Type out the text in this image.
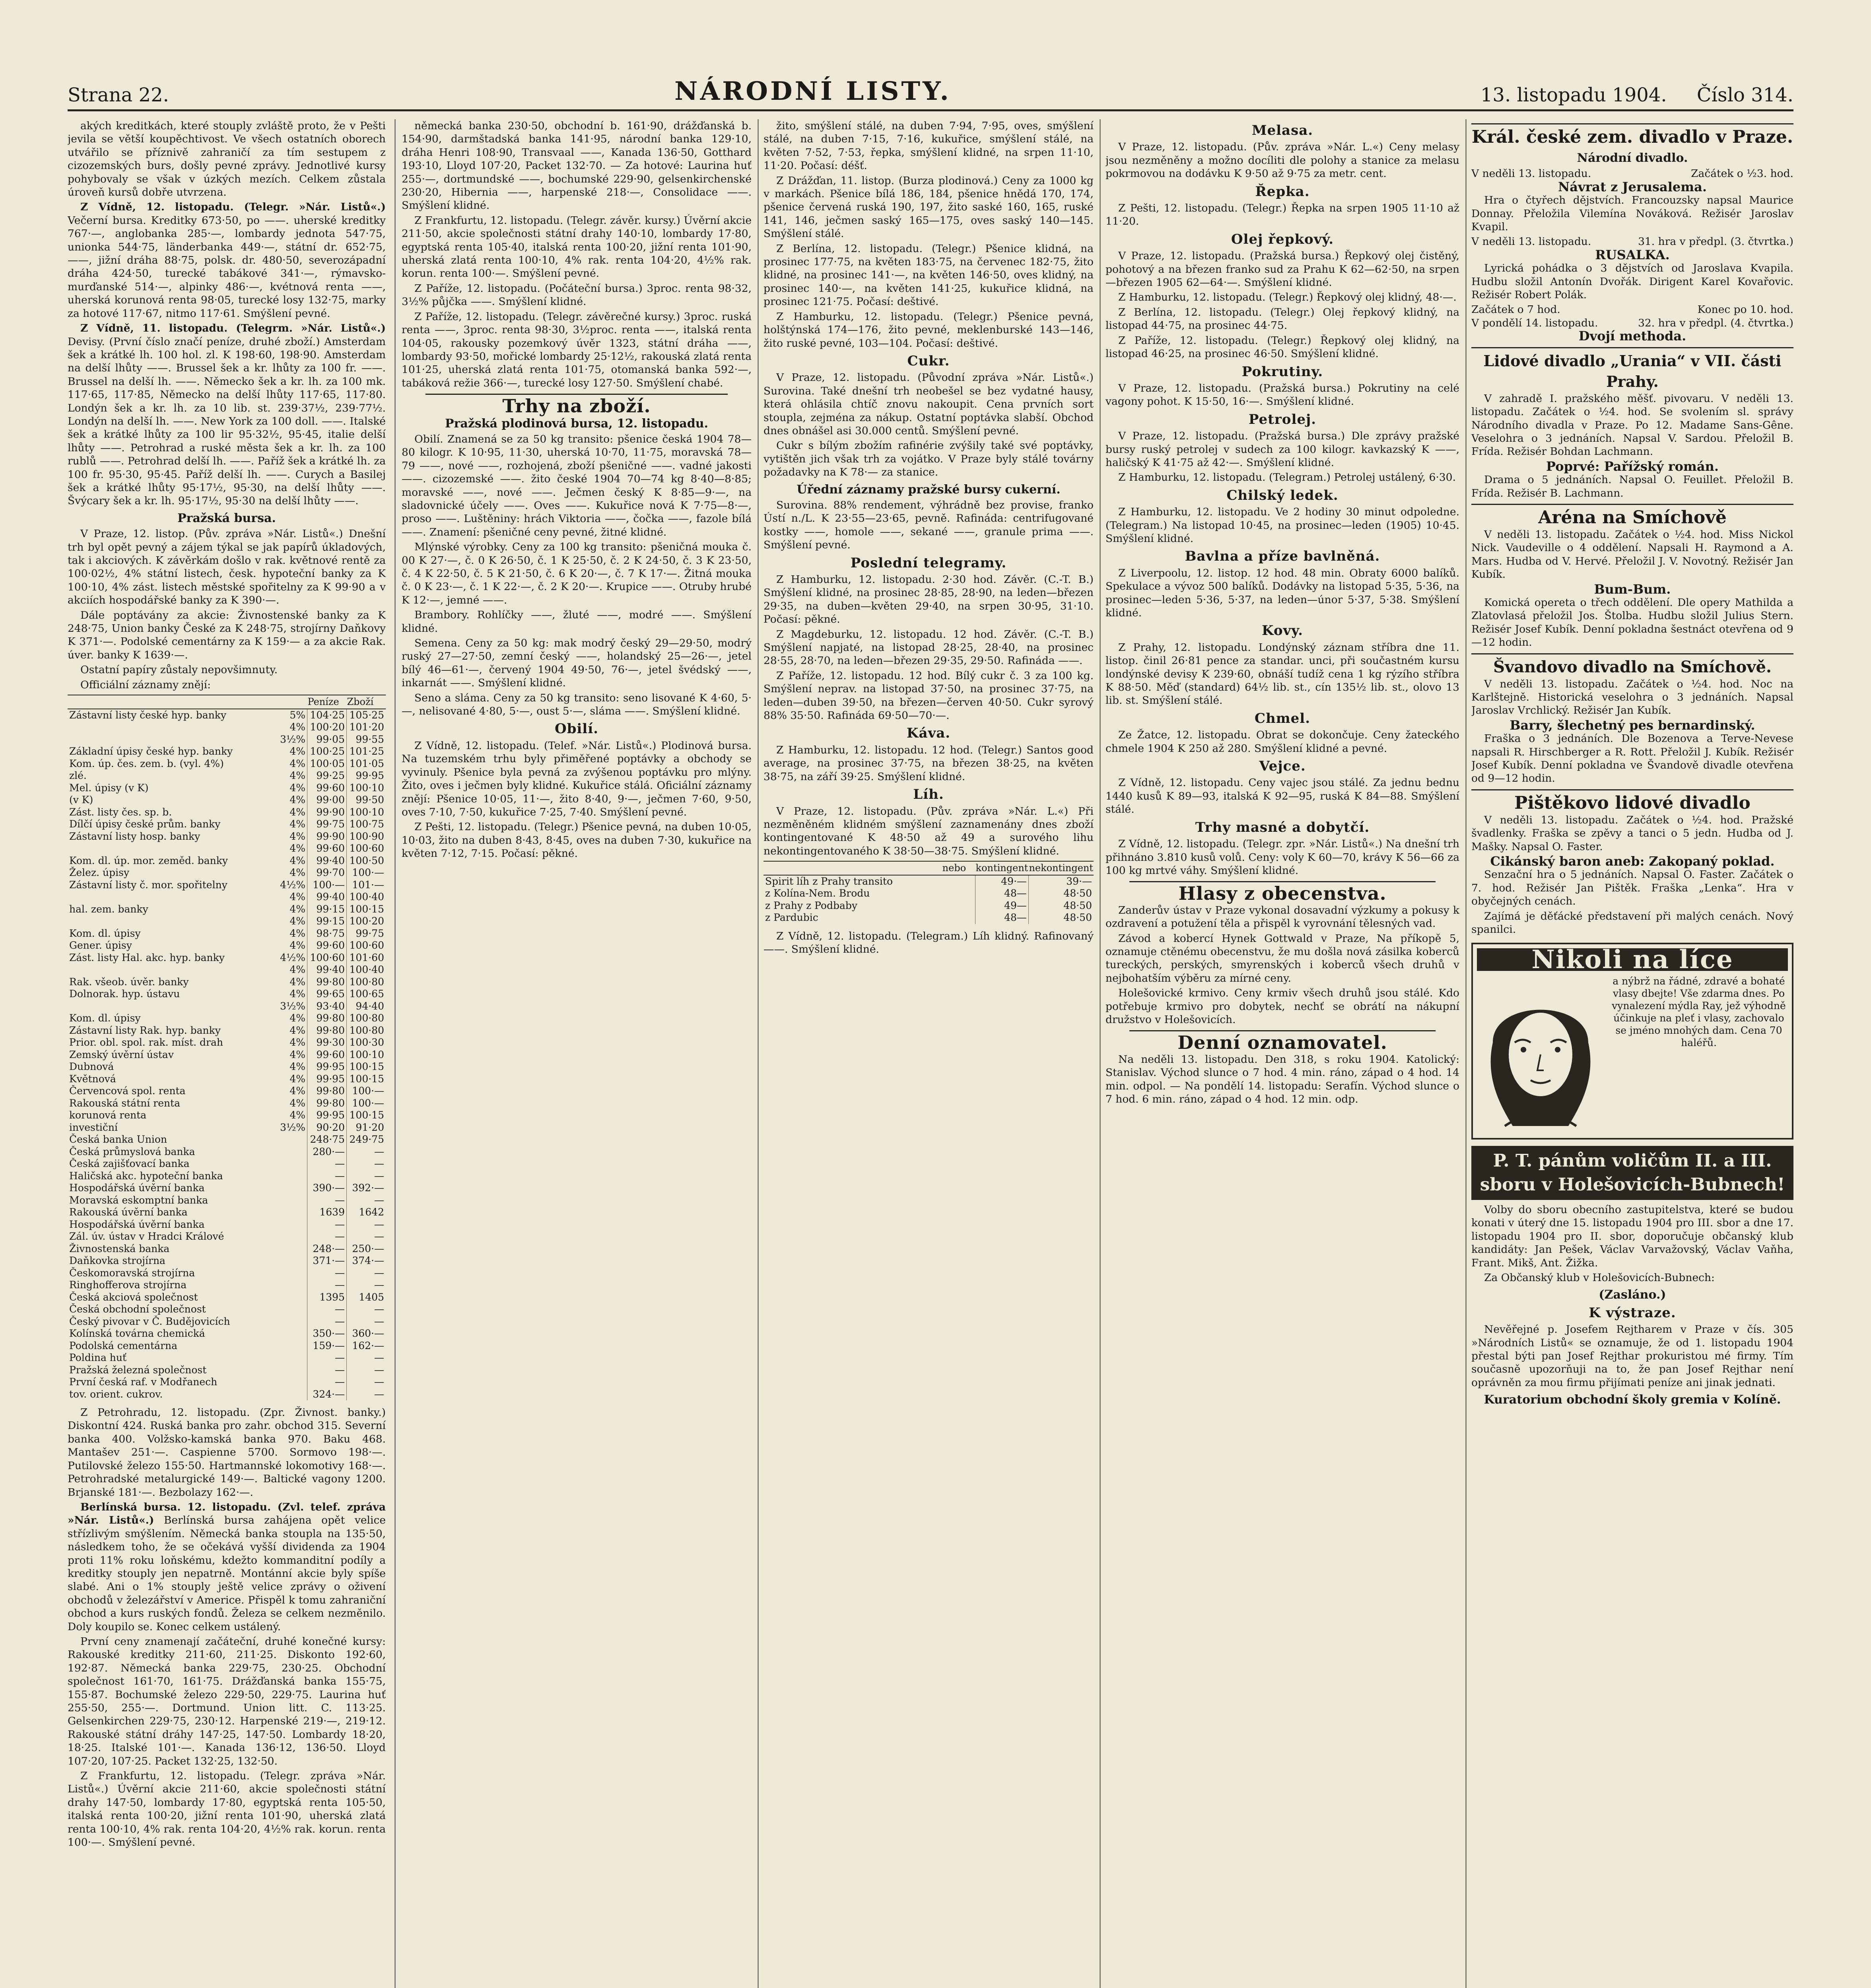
Strana 22.	NÁRODNÍ LISTY.	13. listopadu 1904. Číslo 314.

akých kreditkách, které stouply zvláště proto, že v Pešti jevila se větší koupěchtivost. Ve všech ostatních oborech utvářilo se příznivě zahraničí za tím sestupem z cizozemských burs, došly pevné zprávy. Jednotlivé kursy pohybovaly se však v úzkých mezích. Celkem zůstala úroveň kursů dobře utvrzena.

Z Vídně, 12. listopadu. (Telegr. »Nár. Listů«.) Večerní bursa. Kreditky 673·50, po ——. uherské kreditky 767·—, anglobanka 285·—, lombardy jednota 547·75, unionka 544·75, länderbanka 449·—, státní dr. 652·75, ——, jižní dráha 88·75, polsk. dr. 480·50, severozápadní dráha 424·50, turecké tabákové 341·—, rýmavsko-murďanské 514·—, alpinky 486·—, kvétnová renta ——, uherská korunová renta 98·05, turecké losy 132·75, marky za hotové 117·67, nitmo 117·61. Smýšlení pevné.

Z Vídně, 11. listopadu. (Telegrm. »Nár. Listů«.) Devisy. (První číslo značí peníze, druhé zboží.) Amsterdam šek a krátké lh. 100 hol. zl. K 198·60, 198·90. Amsterdam na delší lhůty ——. Brussel šek a kr. lhůty za 100 fr. ——. Brussel na delší lh. ——. Německo šek a kr. lh. za 100 mk. 117·65, 117·85, Německo na delší lhůty 117·65, 117·80. Londýn šek a kr. lh. za 10 lib. st. 239·37½, 239·77½. Londýn na delší lh. ——. New York za 100 doll. ——. Italské šek a krátké lhůty za 100 lir 95·32½, 95·45, italie delší lhůty ——. Petrohrad a ruské města šek a kr. lh. za 100 rublů ——. Petrohrad delší lh. ——. Paříž šek a krátké lh. za 100 fr. 95·30, 95·45. Paříž delší lh. ——. Curych a Basilej šek a krátké lhůty 95·17½, 95·30, na delší lhůty ——. Švýcary šek a kr. lh. 95·17½, 95·30 na delší lhůty ——.

Pražská bursa.

V Praze, 12. listop. (Pův. zpráva »Nár. Listů«.) Dnešní trh byl opět pevný a zájem týkal se jak papírů úkladových, tak i akciových. K závěrkám došlo v rak. květnové rentě za 100·02½, 4% státní listech, česk. hypoteční banky za K 100·10, 4% zást. listech městské spořitelny za K 99·90 a v akciích hospodářské banky za K 390·—.

Dále poptávány za akcie: Živnostenské banky za K 248·75, Union banky České za K 248·75, strojírny Daňkovy K 371·—. Podolské cementárny za K 159·— a za akcie Rak. úver. banky K 1639·—.

Ostatní papíry zůstaly nepovšimnuty.

Officiální záznamy znějí:

		Peníze	Zboží
Zástavní listy české hyp. banky	5%	104·25	105·25
	4%	100·20	101·20
	3½%	99·05	99·55
Základní úpisy české hyp. banky	4%	100·25	101·25
Kom. úp. čes. zem. b. (vyl. 4%)	4%	100·05	101·05
zlé.	4%	99·25	99·95
Mel. úpisy (v K)	4%	99·60	100·10
(v K)	4%	99·00	99·50
Zást. listy čes. sp. b.	4%	99·90	100·10
Dílčí úpisy české prům. banky	4%	99·75	100·75
Zástavní listy hosp. banky	4%	99·90	100·90
	4%	99·60	100·60
Kom. dl. úp. mor. zeměd. banky	4%	99·40	100·50
Želez. úpisy	4%	99·70	100·—
Zástavní listy č. mor. spořitelny	4½%	100·—	101·—
	4%	99·40	100·40
hal. zem. banky	4%	99·15	100·15
	4%	99·15	100·20
Kom. dl. úpisy	4%	98·75	99·75
Gener. úpisy	4%	99·60	100·60
Zást. listy Hal. akc. hyp. banky	4½%	100·60	101·60
	4%	99·40	100·40
Rak. všeob. úvěr. banky	4%	99·80	100·80
Dolnorak. hyp. ústavu	4%	99·65	100·65
	3½%	93·40	94·40
Kom. dl. úpisy	4%	99·80	100·80
Zástavní listy Rak. hyp. banky	4%	99·80	100·80
Prior. obl. spol. rak. míst. drah	4%	99·30	100·30
Zemský úvěrní ústav	4%	99·60	100·10
Dubnová	4%	99·95	100·15
Květnová	4%	99·95	100·15
Červencová spol. renta	4%	99·80	100·—
Rakouská státní renta	4%	99·80	100·—
korunová renta	4%	99·95	100·15
investiční	3½%	90·20	91·20
Česká banka Union		248·75	249·75
Česká průmyslová banka		280·—	—
Česká zajišťovací banka		—	—
Haličská akc. hypoteční banka		—	—
Hospodářská úvěrní banka		390·—	392·—
Moravská eskomptní banka		—	—
Rakouská úvěrní banka		1639	1642
Hospodářská úvěrní banka		—	—
Zál. úv. ústav v Hradci Králové		—	—
Živnostenská banka		248·—	250·—
Daňkovka strojírna		371·—	374·—
Českomoravská strojírna		—	—
Ringhofferova strojírna		—	—
Česká akciová společnost		1395	1405
Česká obchodní společnost		—	—
Český pivovar v Č. Budějovicích		—	—
Kolínská továrna chemická		350·—	360·—
Podolská cementárna		159·—	162·—
Poldina huť		—	—
Pražská železná společnost		—	—
První česká raf. v Modřanech		—	—
tov. orient. cukrov.		324·—	—

Z Petrohradu, 12. listopadu. (Zpr. Živnost. banky.) Diskontní 424. Ruská banka pro zahr. obchod 315. Severní banka 400. Volžsko-kamská banka 970. Baku 468. Mantašev 251·—. Caspienne 5700. Sormovo 198·—. Putilovské železo 155·50. Hartmannské lokomotivy 168·—. Petrohradské metalurgické 149·—. Baltické vagony 1200. Brjanské 181·—. Bezbolazy 162·—.

Berlínská bursa. 12. listopadu. (Zvl. telef. zpráva »Nár. Listů«.) Berlínská bursa zahájena opět velice střízlivým smýšlením. Německá banka stoupla na 135·50, následkem toho, že se očekává vyšší dividenda za 1904 proti 11% roku loňskému, kdežto kommanditní podíly a kreditky stouply jen nepatrně. Montánní akcie byly spíše slabé. Ani o 1% stouply ještě velice zprávy o oživení obchodů v železářství v Americe. Přispěl k tomu zahraniční obchod a kurs ruských fondů. Železa se celkem nezměnilo. Doly koupilo se. Konec celkem ustálený.

První ceny znamenají začáteční, druhé konečné kursy: Rakouské kreditky 211·60, 211·25. Diskonto 192·60, 192·87. Německá banka 229·75, 230·25. Obchodní společnost 161·70, 161·75. Drážďanská banka 155·75, 155·87. Bochumské železo 229·50, 229·75. Laurina huť 255·50, 255·—. Dortmund. Union litt. C. 113·25. Gelsenkirchen 229·75, 230·12. Harpenské 219·—, 219·12. Rakouské státní dráhy 147·25, 147·50. Lombardy 18·20, 18·25. Italské 101·—. Kanada 136·12, 136·50. Lloyd 107·20, 107·25. Packet 132·25, 132·50.

Z Frankfurtu, 12. listopadu. (Telegr. zpráva »Nár. Listů«.) Úvěrní akcie 211·60, akcie společnosti státní drahy 147·50, lombardy 17·80, egyptská renta 105·50, italská renta 100·20, jižní renta 101·90, uherská zlatá renta 100·10, 4% rak. renta 104·20, 4½% rak. korun. renta 100·—. Smýšlení pevné.

německá banka 230·50, obchodní b. 161·90, drážďanská b. 154·90, darmštadská banka 141·95, národní banka 129·10, dráha Henri 108·90, Transvaal ——, Kanada 136·50, Gotthard 193·10, Lloyd 107·20, Packet 132·70. — Za hotové: Laurina huť 255·—, dortmundské ——, bochumské 229·90, gelsenkirchenské 230·20, Hibernia ——, harpenské 218·—, Consolidace ——. Smýšlení klidné.

Z Frankfurtu, 12. listopadu. (Telegr. závěr. kursy.) Úvěrní akcie 211·50, akcie společnosti státní drahy 140·10, lombardy 17·80, egyptská renta 105·40, italská renta 100·20, jižní renta 101·90, uherská zlatá renta 100·10, 4% rak. renta 104·20, 4½% rak. korun. renta 100·—. Smýšlení pevné.

Z Paříže, 12. listopadu. (Počáteční bursa.) 3proc. renta 98·32, 3½% půjčka ——. Smýšlení klidné.

Z Paříže, 12. listopadu. (Telegr. závěrečné kursy.) 3proc. ruská renta ——, 3proc. renta 98·30, 3½proc. renta ——, italská renta 104·05, rakousky pozemkový úvěr 1323, státní dráha ——, lombardy 93·50, mořické lombardy 25·12½, rakouská zlatá renta 101·25, uherská zlatá renta 101·75, otomanská banka 592·—, tabáková režie 366·—, turecké losy 127·50. Smýšlení chabé.

Trhy na zboží.
Pražská plodinová bursa, 12. listopadu.

Obilí. Znamená se za 50 kg transito: pšenice česká 1904 78—80 kilogr. K 10·95, 11·30, uherská 10·70, 11·75, moravská 78—79 ——, nové ——, rozhojená, zboží pšeničné ——. vadné jakosti ——. cizozemské ——. žito české 1904 70—74 kg 8·40—8·85; moravské ——, nové ——. Ječmen český K 8·85—9·—, na sladovnické účely ——. Oves ——. Kukuřice nová K 7·75—8·—, proso ——. Luštěniny: hrách Viktoria ——, čočka ——, fazole bílá ——. Znamení: pšeničné ceny pevné, žitné klidné.

Mlýnské výrobky. Ceny za 100 kg transito: pšeničná mouka č. 00 K 27·—, č. 0 K 26·50, č. 1 K 25·50, č. 2 K 24·50, č. 3 K 23·50, č. 4 K 22·50, č. 5 K 21·50, č. 6 K 20·—, č. 7 K 17·—. Žitná mouka č. 0 K 23·—, č. 1 K 22·—, č. 2 K 20·—. Krupice ——. Otruby hrubé K 12·—, jemné ——.

Brambory. Rohlíčky ——, žluté ——, modré ——. Smýšlení klidné.

Semena. Ceny za 50 kg: mak modrý český 29—29·50, modrý ruský 27—27·50, zemní český ——, holandský 25—26·—, jetel bílý 46—61·—, červený 1904 49·50, 76·—, jetel švédský ——, inkarnát ——. Smýšlení klidné.

Seno a sláma. Ceny za 50 kg transito: seno lisované K 4·60, 5·—, nelisované 4·80, 5·—, oust 5·—, sláma ——. Smýšlení klidné.

Obilí.

Z Vídně, 12. listopadu. (Telef. »Nár. Listů«.) Plodinová bursa. Na tuzemském trhu byly přiměřené poptávky a obchody se vyvinuly. Pšenice byla pevná za zvýšenou poptávku pro mlýny. Žito, oves i ječmen byly klidné. Kukuřice stálá. Oficiální záznamy znějí: Pšenice 10·05, 11·—, žito 8·40, 9·—, ječmen 7·60, 9·50, oves 7·10, 7·50, kukuřice 7·25, 7·40. Smýšlení pevné.

Z Pešti, 12. listopadu. (Telegr.) Pšenice pevná, na duben 10·05, 10·03, žito na duben 8·43, 8·45, oves na duben 7·30, kukuřice na květen 7·12, 7·15. Počasí: pěkné.

žito, smýšlení stálé, na duben 7·94, 7·95, oves, smýšlení stálé, na duben 7·15, 7·16, kukuřice, smýšlení stálé, na květen 7·52, 7·53, řepka, smýšlení klidné, na srpen 11·10, 11·20. Počasí: déšť.

Z Drážďan, 11. listop. (Burza plodinová.) Ceny za 1000 kg v markách. Pšenice bílá 186, 184, pšenice hnědá 170, 174, pšenice červená ruská 190, 197, žito saské 160, 165, ruské 141, 146, ječmen saský 165—175, oves saský 140—145. Smýšlení stálé.

Z Berlína, 12. listopadu. (Telegr.) Pšenice klidná, na prosinec 177·75, na květen 183·75, na červenec 182·75, žito klidné, na prosinec 141·—, na květen 146·50, oves klidný, na prosinec 140·—, na květen 141·25, kukuřice klidná, na prosinec 121·75. Počasí: deštivé.

Z Hamburku, 12. listopadu. (Telegr.) Pšenice pevná, holštýnská 174—176, žito pevné, meklenburské 143—146, žito ruské pevné, 103—104. Počasí: deštivé.

Cukr.

V Praze, 12. listopadu. (Původní zpráva »Nár. Listů«.) Surovina. Také dnešní trh neobešel se bez vydatné hausy, která ohlásila chtíč znovu nakoupit. Cena prvních sort stoupla, zejména za nákup. Ostatní poptávka slabší. Obchod dnes obnášel asi 30.000 centů. Smýšlení pevné.

Cukr s bílým zbožím rafinérie zvýšily také své poptávky, vytištěn jich však trh za vojátko. V Praze byly stálé továrny požadavky na K 78·— za stanice.

Úřední záznamy pražské bursy cukerní.

Surovina. 88% rendement, výhrádně bez provise, franko Ústí n./L. K 23·55—23·65, pevně. Rafináda: centrifugované kostky ——, homole ——, sekané ——, granule prima ——. Smýšlení pevné.

Poslední telegramy.

Z Hamburku, 12. listopadu. 2·30 hod. Závěr. (C.-T. B.) Smýšlení klidné, na prosinec 28·85, 28·90, na leden—březen 29·35, na duben—květen 29·40, na srpen 30·95, 31·10. Počasí: pěkné.

Z Magdeburku, 12. listopadu. 12 hod. Závěr. (C.-T. B.) Smýšlení napjaté, na listopad 28·25, 28·40, na prosinec 28·55, 28·70, na leden—březen 29·35, 29·50. Rafináda ——.

Z Paříže, 12. listopadu. 12 hod. Bílý cukr č. 3 za 100 kg. Smýšlení neprav. na listopad 37·50, na prosinec 37·75, na leden—duben 39·50, na březen—červen 40·50. Cukr syrový 88% 35·50. Rafináda 69·50—70·—.

Káva.

Z Hamburku, 12. listopadu. 12 hod. (Telegr.) Santos good average, na prosinec 37·75, na březen 38·25, na květen 38·75, na září 39·25. Smýšlení klidné.

Líh.

V Praze, 12. listopadu. (Pův. zpráva »Nár. L.«) Při nezměněném klidném smýšlení zaznamenány dnes zboží kontingentované K 48·50 až 49 a surového lihu nekontingentovaného K 38·50—38·75. Smýšlení klidné.

	nebo	kontingent	nekontingent
Spirit líh z Prahy transito		49·—	39·—
z Kolína-Nem. Brodu		48—	48·50
z Prahy z Podbaby		49—	48·50
z Pardubic		48—	48·50

Z Vídně, 12. listopadu. (Telegram.) Líh klidný. Rafinovaný ——. Smýšlení klidné.

Melasa.

V Praze, 12. listopadu. (Pův. zpráva »Nár. L.«) Ceny melasy jsou nezměněny a možno docíliti dle polohy a stanice za melasu pokrmovou na dodávku K 9·50 až 9·75 za metr. cent.

Řepka.

Z Pešti, 12. listopadu. (Telegr.) Řepka na srpen 1905 11·10 až 11·20.

Olej řepkový.

V Praze, 12. listopadu. (Pražská bursa.) Řepkový olej čistěný, pohotový a na březen franko sud za Prahu K 62—62·50, na srpen—březen 1905 62—64·—. Smýšlení klidné.

Z Hamburku, 12. listopadu. (Telegr.) Řepkový olej klidný, 48·—.

Z Berlína, 12. listopadu. (Telegr.) Olej řepkový klidný, na listopad 44·75, na prosinec 44·75.

Z Paříže, 12. listopadu. (Telegr.) Řepkový olej klidný, na listopad 46·25, na prosinec 46·50. Smýšlení klidné.

Pokrutiny.

V Praze, 12. listopadu. (Pražská bursa.) Pokrutiny na celé vagony pohot. K 15·50, 16·—. Smýšlení klidné.

Petrolej.

V Praze, 12. listopadu. (Pražská bursa.) Dle zprávy pražské bursy ruský petrolej v sudech za 100 kilogr. kavkazský K ——, haličský K 41·75 až 42·—. Smýšlení klidné.

Z Hamburku, 12. listopadu. (Telegram.) Petrolej ustálený, 6·30.

Chilský ledek.

Z Hamburku, 12. listopadu. Ve 2 hodiny 30 minut odpoledne. (Telegram.) Na listopad 10·45, na prosinec—leden (1905) 10·45. Smýšlení klidné.

Bavlna a příze bavlněná.

Z Liverpoolu, 12. listop. 12 hod. 48 min. Obraty 6000 balíků. Spekulace a vývoz 500 balíků. Dodávky na listopad 5·35, 5·36, na prosinec—leden 5·36, 5·37, na leden—únor 5·37, 5·38. Smýšlení klidné.

Kovy.

Z Prahy, 12. listopadu. Londýnský záznam stříbra dne 11. listop. činil 26·81 pence za standar. unci, při součastném kursu londýnské devisy K 239·60, obnáší tudíž cena 1 kg rýzího stříbra K 88·50. Měď (standard) 64½ lib. st., cín 135½ lib. st., olovo 13 lib. st. Smýšlení stálé.

Chmel.

Ze Žatce, 12. listopadu. Obrat se dokončuje. Ceny žateckého chmele 1904 K 250 až 280. Smýšlení klidné a pevné.

Vejce.

Z Vídně, 12. listopadu. Ceny vajec jsou stálé. Za jednu bednu 1440 kusů K 89—93, italská K 92—95, ruská K 84—88. Smýšlení stálé.

Trhy masné a dobytčí.

Z Vídně, 12. listopadu. (Telegr. zpr. »Nár. Listů«.) Na dnešní trh přihnáno 3.810 kusů volů. Ceny: voly K 60—70, krávy K 56—66 za 100 kg mrtvé váhy. Smýšlení klidné.

Hlasy z obecenstva.

Zanderův ústav v Praze vykonal dosavadní výzkumy a pokusy k ozdravení a potužení těla a přispěl k vyrovnání tělesných vad.

Závod a kobercí Hynek Gottwald v Praze, Na příkopě 5, oznamuje ctěnému obecenstvu, že mu došla nová zásilka koberců tureckých, perských, smyrenských i koberců všech druhů v nejbohatším výběru za mírné ceny.

Holešovické krmivo. Ceny krmiv všech druhů jsou stálé. Kdo potřebuje krmivo pro dobytek, nechť se obrátí na nákupní družstvo v Holešovicích.

Denní oznamovatel.

Na neděli 13. listopadu. Den 318, s roku 1904. Katolický: Stanislav. Východ slunce o 7 hod. 4 min. ráno, západ o 4 hod. 14 min. odpol. — Na pondělí 14. listopadu: Serafín. Východ slunce o 7 hod. 6 min. ráno, západ o 4 hod. 12 min. odp.

Král. české zem. divadlo v Praze.
Národní divadlo.
V neděli 13. listopadu.	Začátek o ½3. hod.
Návrat z Jerusalema.

Hra o čtyřech dějstvích. Francouzsky napsal Maurice Donnay. Přeložila Vilemína Nováková. Režisér Jaroslav Kvapil.

V neděli 13. listopadu.	31. hra v předpl. (3. čtvrtka.)
RUSALKA.

Lyrická pohádka o 3 dějstvích od Jaroslava Kvapila. Hudbu složil Antonín Dvořák. Dirigent Karel Kovařovic. Režisér Robert Polák.

Začátek o 7 hod.	Konec po 10. hod.
V pondělí 14. listopadu.	32. hra v předpl. (4. čtvrtka.)
Dvojí methoda.
Lidové divadlo „Urania“ v VII. části Prahy.

V zahradě I. pražského měšť. pivovaru. V neděli 13. listopadu. Začátek o ½4. hod. Se svolením sl. správy Národního divadla v Praze. Po 12. Madame Sans-Gêne. Veselohra o 3 jednáních. Napsal V. Sardou. Přeložil B. Frída. Režisér Bohdan Lachmann.

Poprvé: Pařížský román.

Drama o 5 jednáních. Napsal O. Feuillet. Přeložil B. Frída. Režisér B. Lachmann.

Aréna na Smíchově

V neděli 13. listopadu. Začátek o ½4. hod. Miss Nickol Nick. Vaudeville o 4 oddělení. Napsali H. Raymond a A. Mars. Hudba od V. Hervé. Přeložil J. V. Novotný. Režisér Jan Kubík.

Bum-Bum.

Komická opereta o třech oddělení. Dle opery Mathilda a Zlatovlasá přeložil Jos. Štolba. Hudbu složil Julius Stern. Režisér Josef Kubík. Denní pokladna šestnáct otevřena od 9—12 hodin.

Švandovo divadlo na Smíchově.

V neděli 13. listopadu. Začátek o ½4. hod. Noc na Karlštejně. Historická veselohra o 3 jednáních. Napsal Jaroslav Vrchlický. Režisér Jan Kubík.

Barry, šlechetný pes bernardinský.

Fraška o 3 jednáních. Dle Bozenova a Terve-Nevese napsali R. Hirschberger a R. Rott. Přeložil J. Kubík. Režisér Josef Kubík. Denní pokladna ve Švandově divadle otevřena od 9—12 hodin.

Pištěkovo lidové divadlo

V neděli 13. listopadu. Začátek o ½4. hod. Pražské švadlenky. Fraška se zpěvy a tanci o 5 jedn. Hudba od J. Mašky. Napsal O. Faster.

Cikánský baron aneb: Zakopaný poklad.

Senzační hra o 5 jednáních. Napsal O. Faster. Začátek o 7. hod. Režisér Jan Pištěk. Fraška „Lenka“. Hra v obyčejných cenách.

Zajímá je děťácké představení při malých cenách. Nový spanilci.

Nikoli na líce
a nýbrž na řádné, zdravé a bohaté vlasy dbejte! Vše zdarma dnes. Po vynalezení mýdla Ray, jež výhodně účinkuje na pleť i vlasy, zachovalo se jméno mnohých dam. Cena 70 haléřů.
P. T. pánům voličům II. a III. sboru v Holešovicích-Bubnech!

Volby do sboru obecního zastupitelstva, které se budou konati v úterý dne 15. listopadu 1904 pro III. sbor a dne 17. listopadu 1904 pro II. sbor, doporučuje občanský klub kandidáty: Jan Pešek, Václav Varvažovský, Václav Vaňha, Frant. Mikš, Ant. Žižka.

Za Občanský klub v Holešovicích-Bubnech:

(Zasláno.)
K výstraze.

Nevěřejné p. Josefem Rejtharem v Praze v čís. 305 »Národních Listů« se oznamuje, že od 1. listopadu 1904 přestal býti pan Josef Rejthar prokuristou mé firmy. Tím současně upozorňuji na to, že pan Josef Rejthar není oprávněn za mou firmu přijímati peníze ani jinak jednati.

Kuratorium obchodní školy gremia v Kolíně.
